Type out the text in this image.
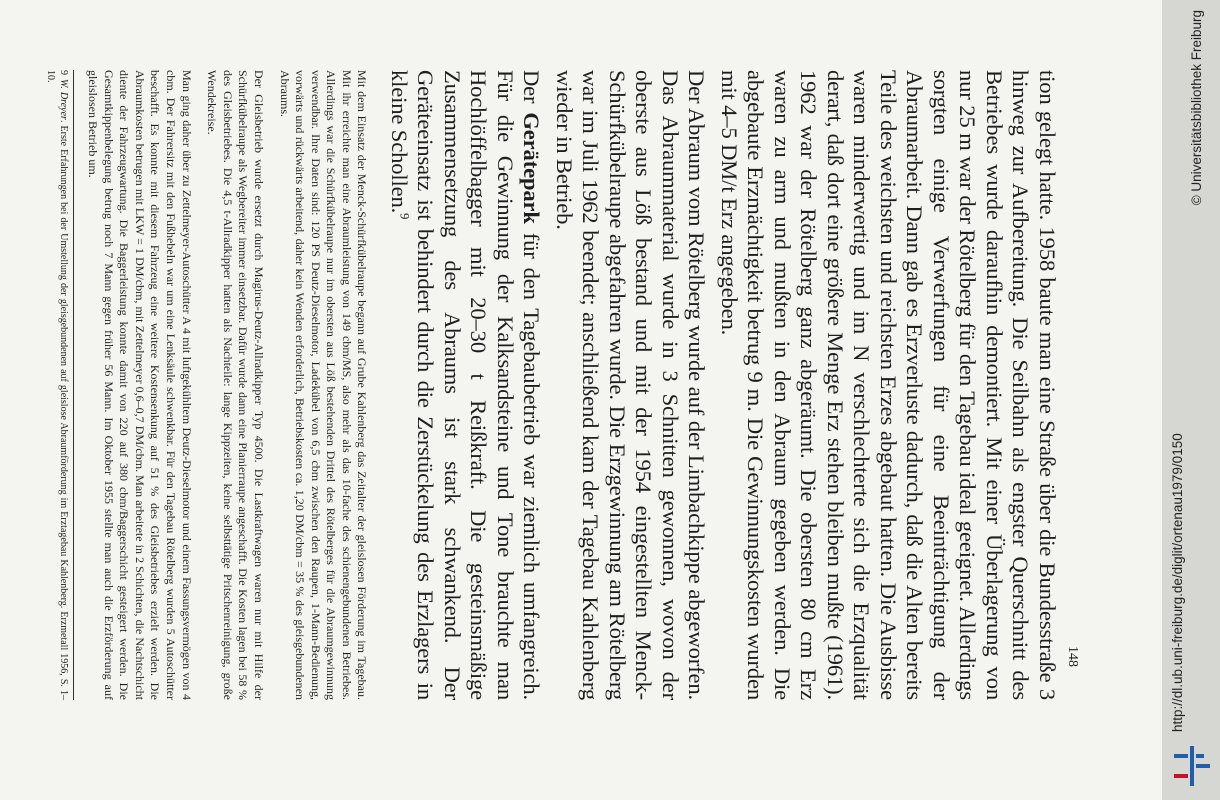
tion gelegt hatte. 1958 baute man eine Straße über die Bundesstraße 3 hinweg zur Aufbereitung. Die Seilbahn als engster Querschnitt des Betriebes wurde daraufhin demontiert. Mit einer Überlagerung von nur 25 m war der Rötelberg für den Tagebau ideal geeignet. Allerdings sorgten einige Verwerfungen für eine Beeinträchtigung der Abraumarbeit. Dann gab es Erzverluste dadurch, daß die Alten bereits Teile des weichsten und reichsten Erzes abgebaut hatten. Die Ausbisse waren minderwertig und im N verschlechterte sich die Erzqualität derart, daß dort eine größere Menge Erz stehen bleiben mußte (1961). 1962 war der Rötelberg ganz abgeräumt. Die obersten 80 cm Erz waren zu arm und mußten in den Abraum gegeben werden. Die abgebaute Erzmächtigkeit betrug 9 m. Die Gewinnungskosten wurden mit 4–5 DM/t Erz angegeben.

Der Abraum vom Rötelberg wurde auf der Limbachkippe abgeworfen. Das Abraummaterial wurde in 3 Schnitten gewonnen, wovon der oberste aus Löß bestand und mit der 1954 eingestellten Menck-Schürfkübelraupe abgefahren wurde. Die Erzgewinnung am Rötelberg war im Juli 1962 beendet; anschließend kam der Tagebau Kahlenberg wieder in Betrieb.

Der Gerätepark für den Tagebaubetrieb war ziemlich umfangreich. Für die Gewinnung der Kalksandsteine und Tone brauchte man Hochlöffelbagger mit 20–30 t Reißkraft. Die gesteinsmäßige Zusammensetzung des Abraums ist stark schwankend. Der Geräteeinsatz ist behindert durch die Zerstückelung des Erzlagers in kleine Schollen.$^9$

Mit dem Einsatz der Menck-Schürfkübelraupe begann auf Grube Kahlenberg das Zeitalter der gleislosen Förderung im Tagebau. Mit ihr erreichte man eine Abraumleistung von 149 cbm/MS, also mehr als das 10-fache des schienengebundenen Betriebes. Allerdings war die Schürfkübelraupe nur im obersten aus Löß bestehenden Drittel des Rötelberges für die Abraumgewinnung verwendbar. Ihre Daten sind: 120 PS Deutz-Dieselmotor, Ladekübel von 6,5 cbm zwischen den Raupen, 1-Mann-Bedienung, vorwärts und rückwärts arbeitend, daher kein Wenden erforderlich, Betriebskosten ca. 1,20 DM/cbm = 35 % des gleisgebundenen Abraums.

Der Gleisbetrieb wurde ersetzt durch Magirus-Deutz-Allradkipper Typ 4500. Die Lastkraftwagen waren nur mit Hilfe der Schürfkübelraupe als Wegbereiter immer einsetzbar. Dafür wurde dann eine Planierraupe angeschafft. Die Kosten lagen bei 58 % des Gleisbetriebes. Die 4,5 t-Allradkipper hatten als Nachteile: lange Kippzeiten, keine selbsttätige Pritschenreinigung, große Wendekreise.

Man ging daher über zu Zettelmeyer-Autoschütter A 4 mit luftgekühltem Deutz-Dieselmotor und einem Fassungsvermögen von 4 cbm. Der Fahrersitz mit den Fußhebeln war um eine Lenksäule schwenkbar. Für den Tagebau Rötelberg wurden 5 Autoschütter beschafft. Es konnte mit diesem Fahrzeug eine weitere Kostensenkung auf 51 % des Gleisbetriebes erzielt werden. Die Abraumkosten betrugen mit LKW = 1 DM/cbm, mit Zettelmeyer 0,6–0,7 DM/cbm. Man arbeitete in 2 Schichten, die Nachtschicht diente der Fahrzeugwartung. Die Baggerleistung konnte damit von 220 auf 380 cbm/Baggerschicht gesteigert werden. Die Gesamtkippenbelegung betrug noch 7 Mann gegen früher 56 Mann. Im Oktober 1955 stellte man auch die Erzförderung auf gleislosen Betrieb um.

9W. Dreyer. Erste Erfahrungen bei der Umstellung der gleisgebundenen auf gleislose Abraumförderung im Erztagebau Kahlenberg. Erzmetall 1956, S. 1–10.

148	http://dl.ub.uni-freiburg.de/diglit/ortenau1979/0150
© Universitätsbibliothek Freiburg
